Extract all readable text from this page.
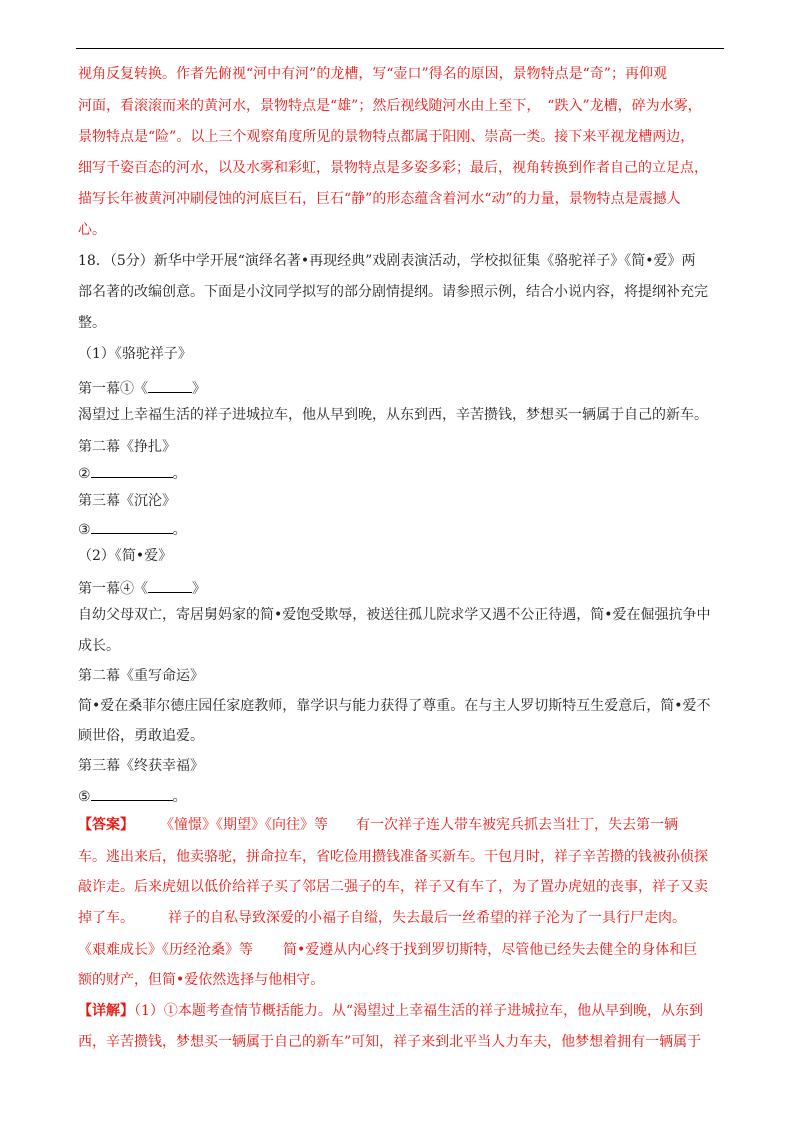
视角反复转换。作者先俯视“河中有河”的龙槽，写“壶口”得名的原因，景物特点是“奇”；再仰观
河面，看滚滚而来的黄河水，景物特点是“雄”；然后视线随河水由上至下，　“跌入”龙槽，碎为水雾，
景物特点是“险”。以上三个观察角度所见的景物特点都属于阳刚、崇高一类。接下来平视龙槽两边，
细写千姿百态的河水，以及水雾和彩虹，景物特点是多姿多彩；最后，视角转换到作者自己的立足点，
描写长年被黄河冲刷侵蚀的河底巨石，巨石“静”的形态蕴含着河水“动”的力量，景物特点是震撼人
心。
18．（5分）新华中学开展“演绎名著•再现经典”戏剧表演活动，学校拟征集《骆驼祥子》《简•爱》两
部名著的改编创意。下面是小汶同学拟写的部分剧情提纲。请参照示例，结合小说内容，将提纲补充完
整。
（1）《骆驼祥子》
第一幕①《	》
渴望过上幸福生活的祥子进城拉车，他从早到晚，从东到西，辛苦攒钱，梦想买一辆属于自己的新车。
第二幕《挣扎》
②	。
第三幕《沉沦》
③	。
（2）《简•爱》
第一幕④《	》
自幼父母双亡，寄居舅妈家的简•爱饱受欺辱，被送往孤儿院求学又遇不公正待遇，简•爱在倔强抗争中
成长。
第二幕《重写命运》
简•爱在桑菲尔德庄园任家庭教师，靠学识与能力获得了尊重。在与主人罗切斯特互生爱意后，简•爱不
顾世俗，勇敢追爱。
第三幕《终获幸福》
⑤	。
【答案】 《憧憬》《期望》《向往》等 有一次祥子连人带车被宪兵抓去当壮丁，失去第一辆
车。逃出来后，他卖骆驼，拼命拉车，省吃俭用攒钱准备买新车。干包月时，祥子辛苦攒的钱被孙侦探
敲诈走。后来虎妞以低价给祥子买了邻居二强子的车，祥子又有车了，为了置办虎妞的丧事，祥子又卖
掉了车。 祥子的自私导致深爱的小福子自缢，失去最后一丝希望的祥子沦为了一具行尸走肉。
《艰难成长》《历经沧桑》等 简•爱遵从内心终于找到罗切斯特，尽管他已经失去健全的身体和巨
额的财产，但简•爱依然选择与他相守。
【详解】（1）①本题考查情节概括能力。从“渴望过上幸福生活的祥子进城拉车，他从早到晚，从东到
西，辛苦攒钱，梦想买一辆属于自己的新车”可知，祥子来到北平当人力车夫，他梦想着拥有一辆属于
